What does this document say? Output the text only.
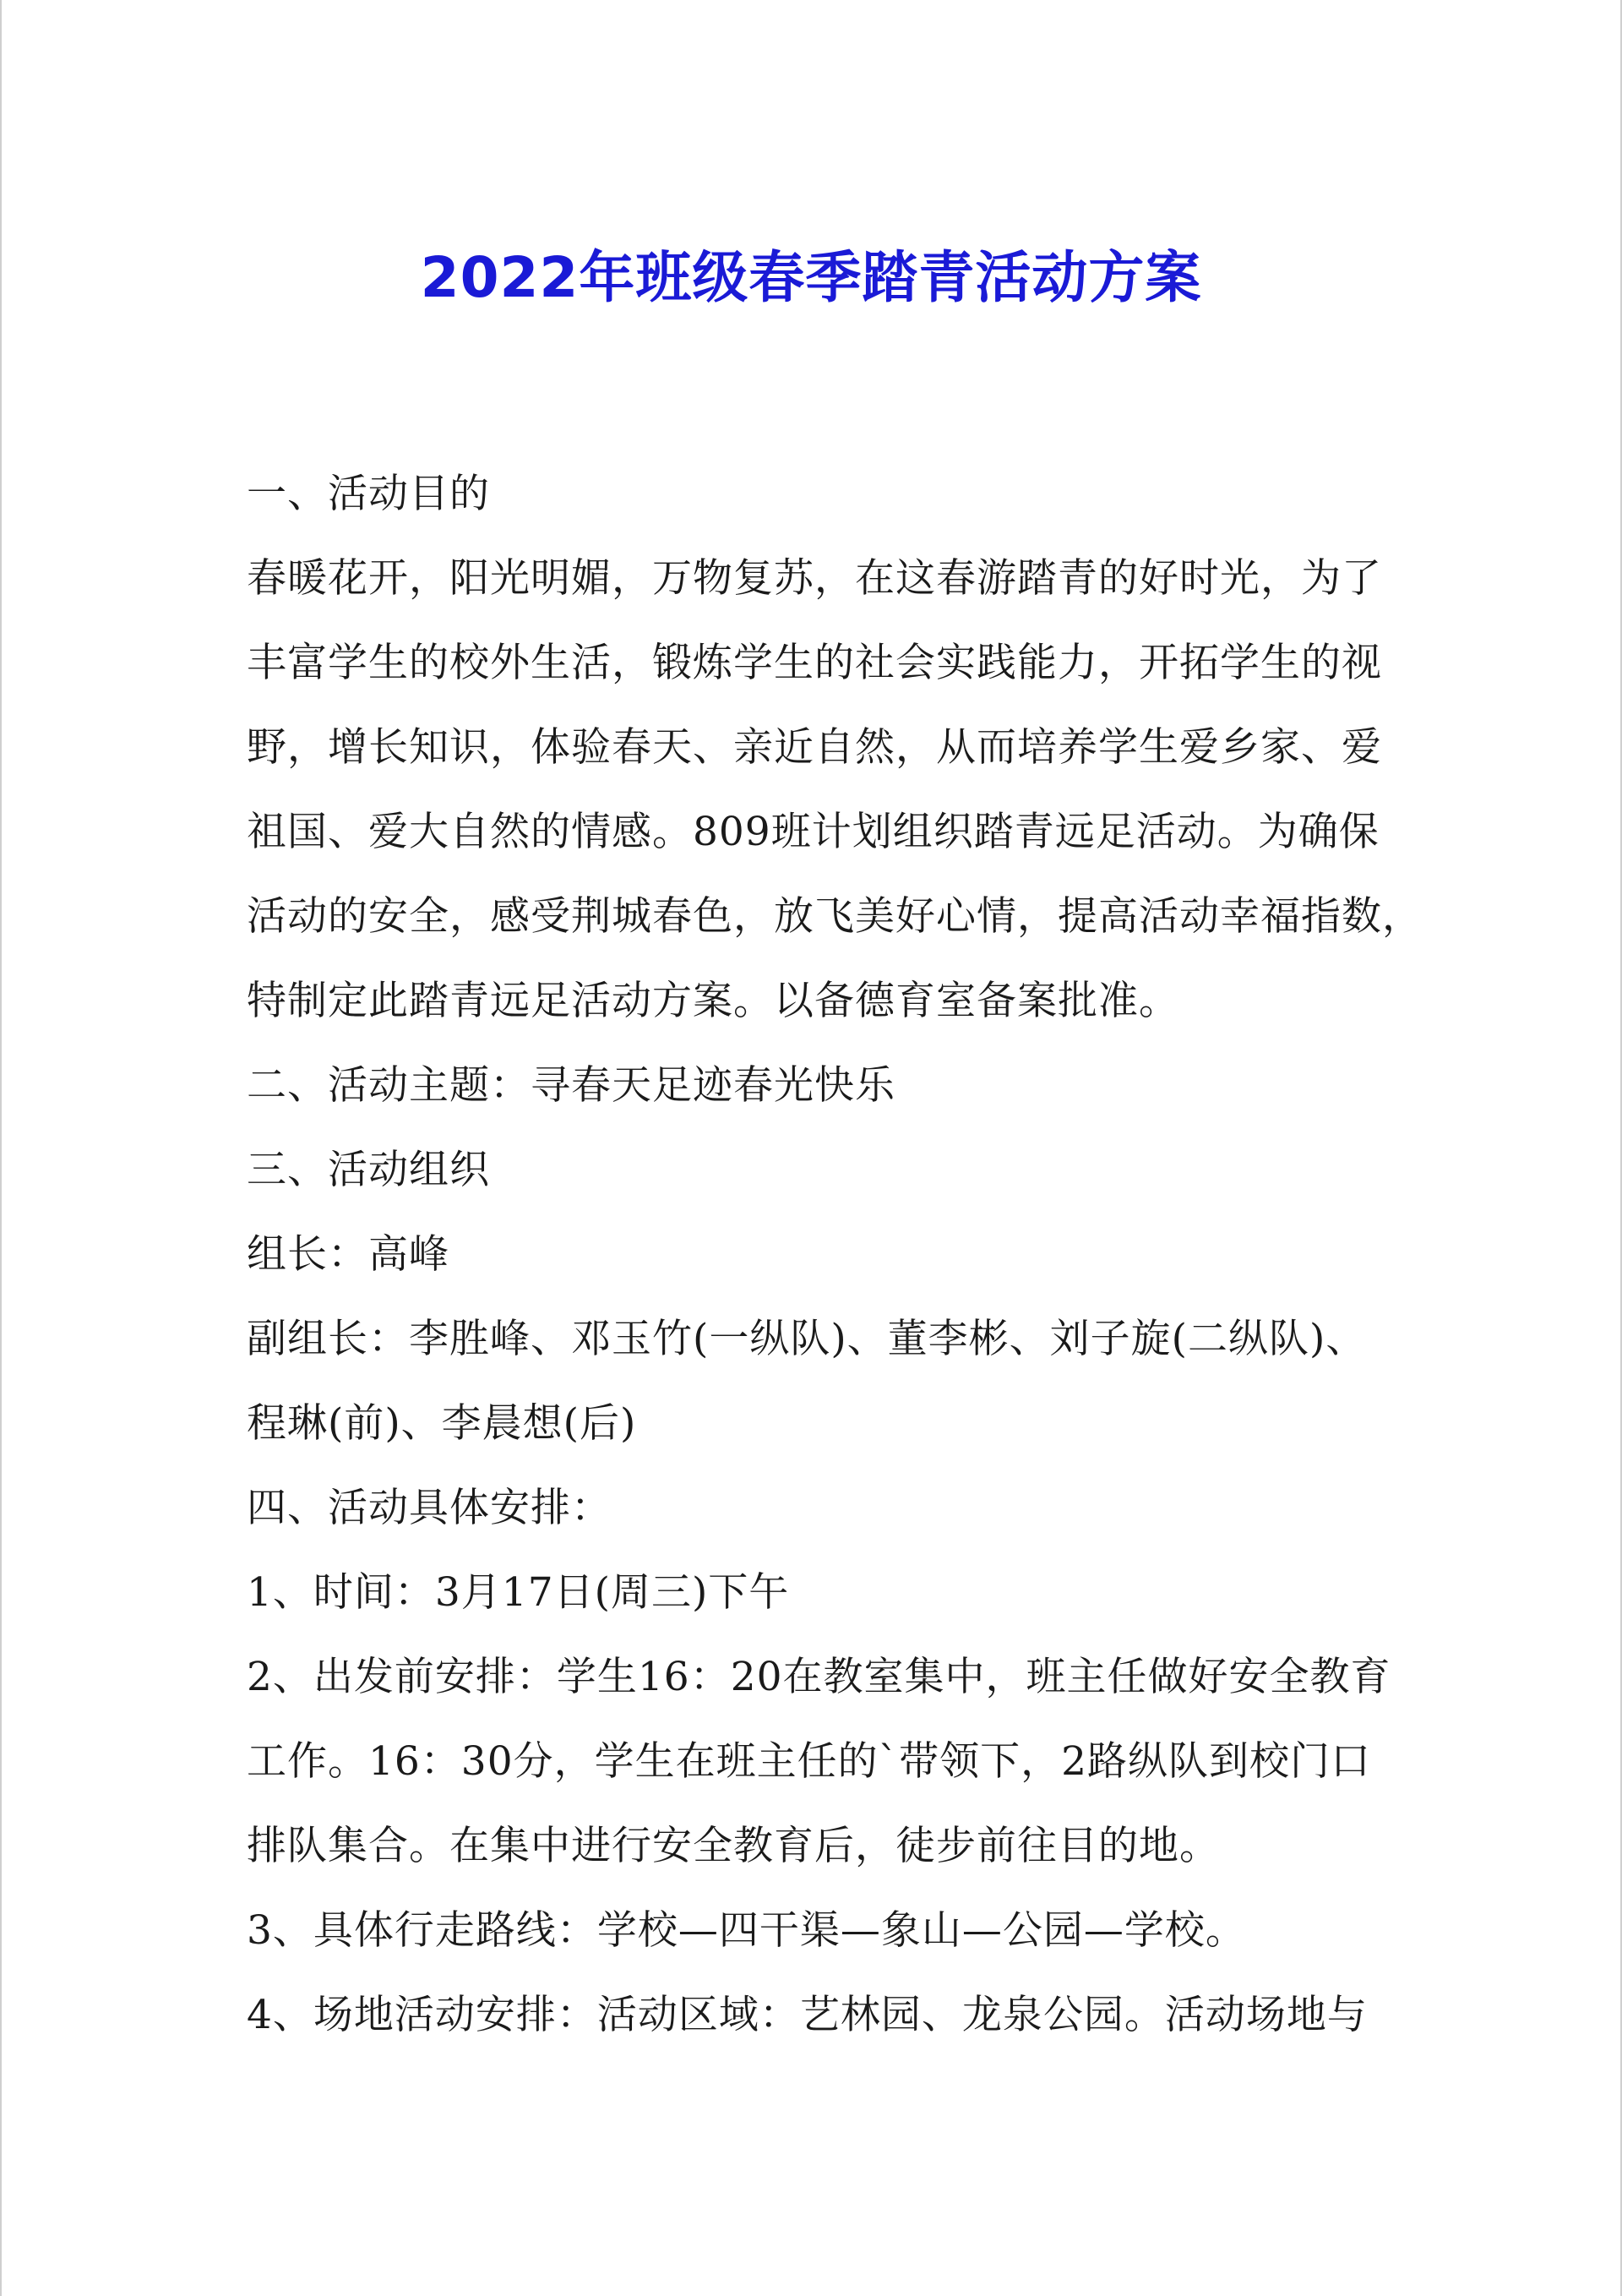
2022年班级春季踏青活动方案

一、活动目的

春暖花开，阳光明媚，万物复苏，在这春游踏青的好时光，为了

丰富学生的校外生活，锻炼学生的社会实践能力，开拓学生的视

野，增长知识，体验春天、亲近自然，从而培养学生爱乡家、爱

祖国、爱大自然的情感。809班计划组织踏青远足活动。为确保

活动的安全，感受荆城春色，放飞美好心情，提高活动幸福指数，

特制定此踏青远足活动方案。以备德育室备案批准。

二、活动主题：寻春天足迹春光快乐

三、活动组织

组长：高峰

副组长：李胜峰、邓玉竹(一纵队)、董李彬、刘子旋(二纵队)、

程琳(前)、李晨想(后)

四、活动具体安排：

1、时间：3月17日(周三)下午

2、出发前安排：学生16：20在教室集中，班主任做好安全教育

工作。16：30分，学生在班主任的`带领下，2路纵队到校门口

排队集合。在集中进行安全教育后，徒步前往目的地。

3、具体行走路线：学校—四干渠—象山—公园—学校。

4、场地活动安排：活动区域：艺林园、龙泉公园。活动场地与
